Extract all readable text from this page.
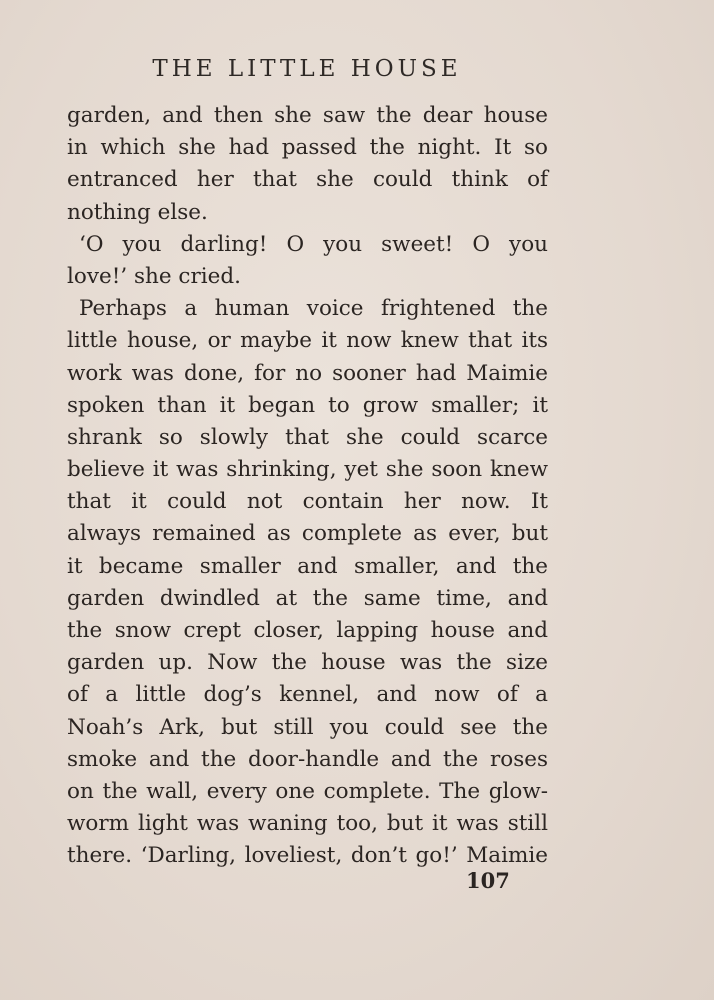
THE LITTLE HOUSE
garden, and then she saw the dear house
in which she had passed the night. It so
entranced her that she could think of
nothing else.
‘O you darling! O you sweet! O you
love!’ she cried.
Perhaps a human voice frightened the
little house, or maybe it now knew that its
work was done, for no sooner had Maimie
spoken than it began to grow smaller; it
shrank so slowly that she could scarce
believe it was shrinking, yet she soon knew
that it could not contain her now. It
always remained as complete as ever, but
it became smaller and smaller, and the
garden dwindled at the same time, and
the snow crept closer, lapping house and
garden up. Now the house was the size
of a little dog’s kennel, and now of a
Noah’s Ark, but still you could see the
smoke and the door-handle and the roses
on the wall, every one complete. The glow-
worm light was waning too, but it was still
there. ‘Darling, loveliest, don’t go!’ Maimie
107
